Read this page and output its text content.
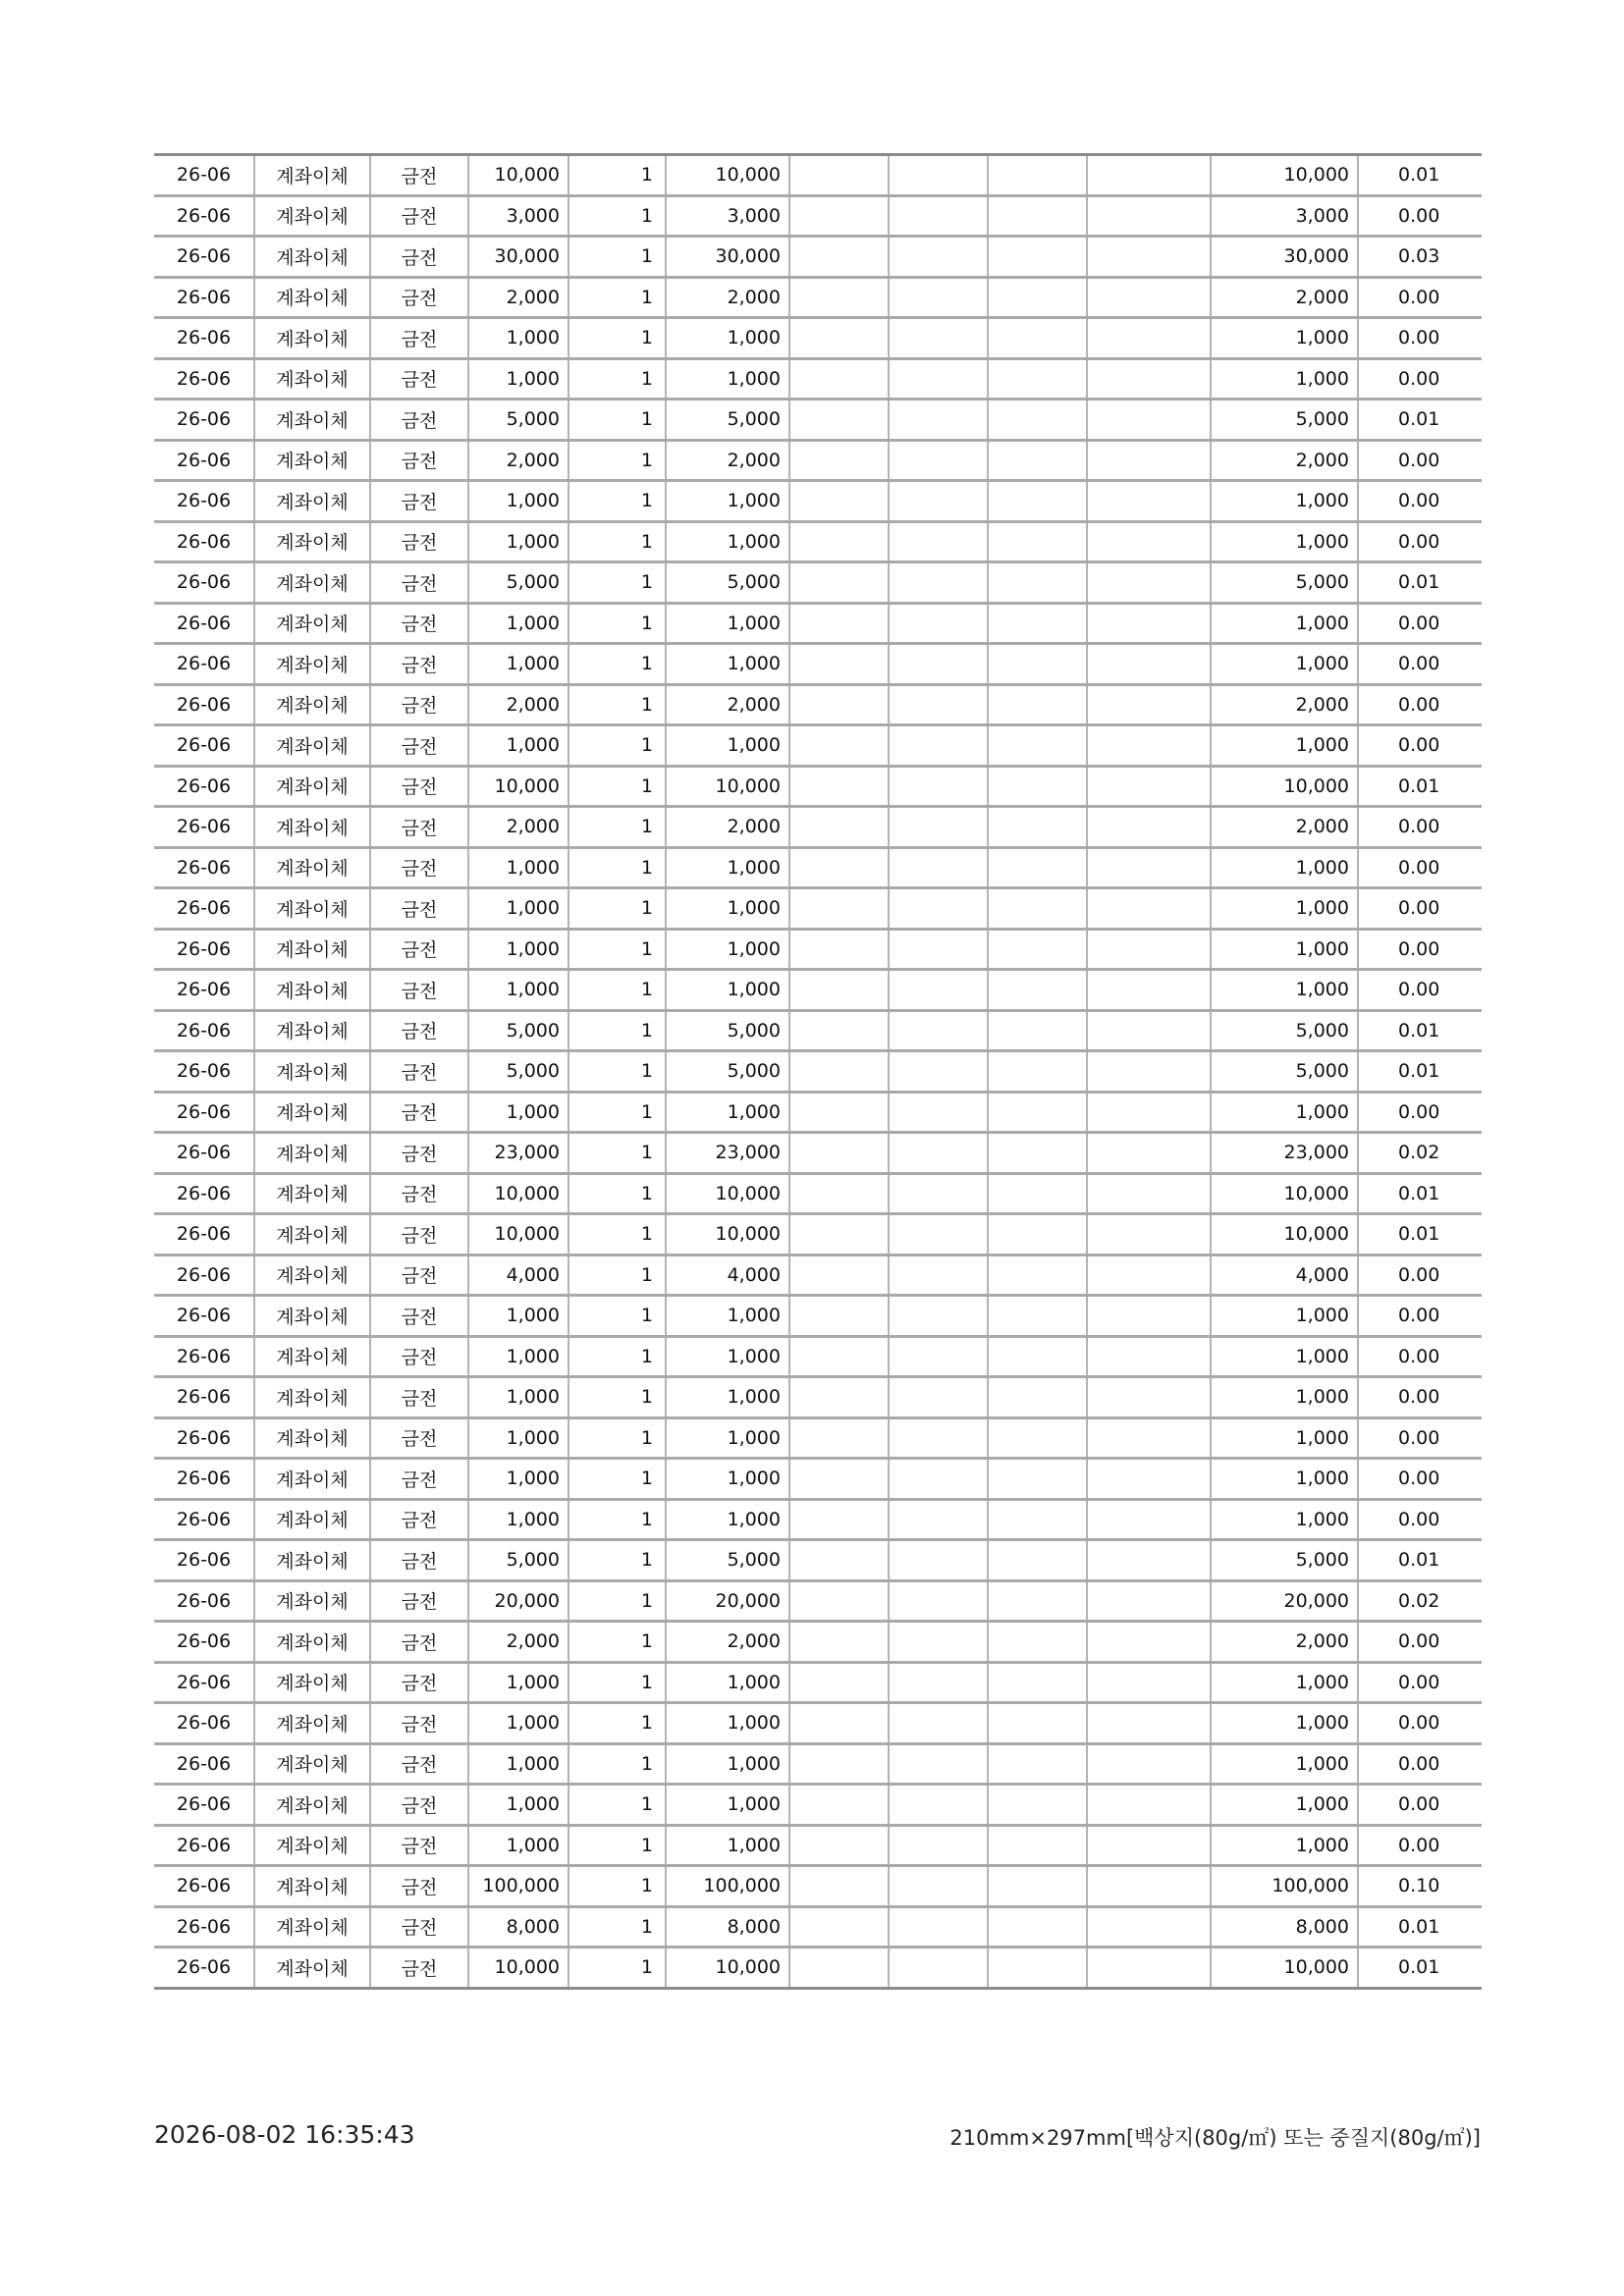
26-06	계좌이체	금전	10,000	1	10,000					10,000	0.01
26-06	계좌이체	금전	3,000	1	3,000					3,000	0.00
26-06	계좌이체	금전	30,000	1	30,000					30,000	0.03
26-06	계좌이체	금전	2,000	1	2,000					2,000	0.00
26-06	계좌이체	금전	1,000	1	1,000					1,000	0.00
26-06	계좌이체	금전	1,000	1	1,000					1,000	0.00
26-06	계좌이체	금전	5,000	1	5,000					5,000	0.01
26-06	계좌이체	금전	2,000	1	2,000					2,000	0.00
26-06	계좌이체	금전	1,000	1	1,000					1,000	0.00
26-06	계좌이체	금전	1,000	1	1,000					1,000	0.00
26-06	계좌이체	금전	5,000	1	5,000					5,000	0.01
26-06	계좌이체	금전	1,000	1	1,000					1,000	0.00
26-06	계좌이체	금전	1,000	1	1,000					1,000	0.00
26-06	계좌이체	금전	2,000	1	2,000					2,000	0.00
26-06	계좌이체	금전	1,000	1	1,000					1,000	0.00
26-06	계좌이체	금전	10,000	1	10,000					10,000	0.01
26-06	계좌이체	금전	2,000	1	2,000					2,000	0.00
26-06	계좌이체	금전	1,000	1	1,000					1,000	0.00
26-06	계좌이체	금전	1,000	1	1,000					1,000	0.00
26-06	계좌이체	금전	1,000	1	1,000					1,000	0.00
26-06	계좌이체	금전	1,000	1	1,000					1,000	0.00
26-06	계좌이체	금전	5,000	1	5,000					5,000	0.01
26-06	계좌이체	금전	5,000	1	5,000					5,000	0.01
26-06	계좌이체	금전	1,000	1	1,000					1,000	0.00
26-06	계좌이체	금전	23,000	1	23,000					23,000	0.02
26-06	계좌이체	금전	10,000	1	10,000					10,000	0.01
26-06	계좌이체	금전	10,000	1	10,000					10,000	0.01
26-06	계좌이체	금전	4,000	1	4,000					4,000	0.00
26-06	계좌이체	금전	1,000	1	1,000					1,000	0.00
26-06	계좌이체	금전	1,000	1	1,000					1,000	0.00
26-06	계좌이체	금전	1,000	1	1,000					1,000	0.00
26-06	계좌이체	금전	1,000	1	1,000					1,000	0.00
26-06	계좌이체	금전	1,000	1	1,000					1,000	0.00
26-06	계좌이체	금전	1,000	1	1,000					1,000	0.00
26-06	계좌이체	금전	5,000	1	5,000					5,000	0.01
26-06	계좌이체	금전	20,000	1	20,000					20,000	0.02
26-06	계좌이체	금전	2,000	1	2,000					2,000	0.00
26-06	계좌이체	금전	1,000	1	1,000					1,000	0.00
26-06	계좌이체	금전	1,000	1	1,000					1,000	0.00
26-06	계좌이체	금전	1,000	1	1,000					1,000	0.00
26-06	계좌이체	금전	1,000	1	1,000					1,000	0.00
26-06	계좌이체	금전	1,000	1	1,000					1,000	0.00
26-06	계좌이체	금전	100,000	1	100,000					100,000	0.10
26-06	계좌이체	금전	8,000	1	8,000					8,000	0.01
26-06	계좌이체	금전	10,000	1	10,000					10,000	0.01
2026-08-02 16:35:43	210mm×297mm[백상지(80g/㎡) 또는 중질지(80g/㎡)]
